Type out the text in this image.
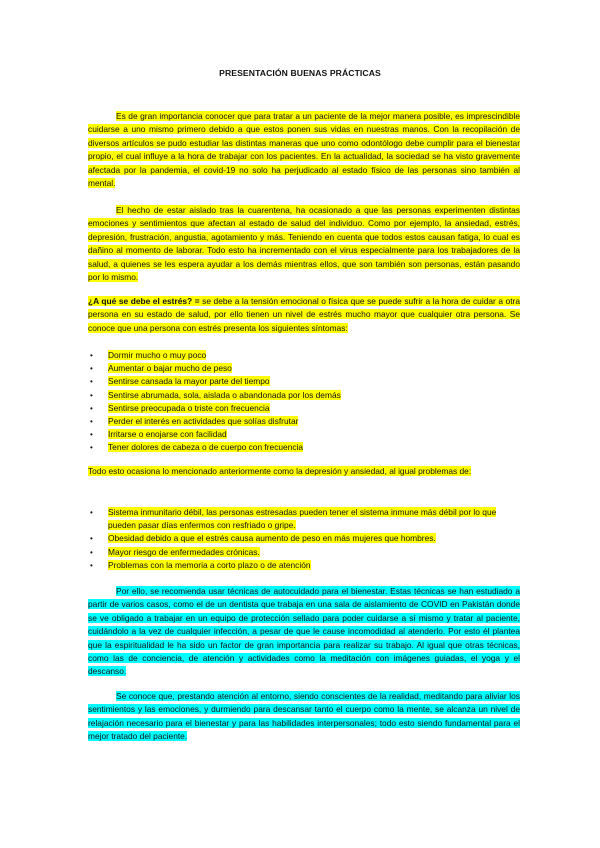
PRESENTACIÓN BUENAS PRÁCTICAS
Es de gran importancia conocer que para tratar a un paciente de la mejor manera posible, es imprescindible cuidarse a uno mismo primero debido a que estos ponen sus vidas en nuestras manos. Con la recopilación de diversos artículos se pudo estudiar las distintas maneras que uno como odontólogo debe cumplir para el bienestar propio, el cual influye a la hora de trabajar con los pacientes. En la actualidad, la sociedad se ha visto gravemente afectada por la pandemia, el covid-19 no solo ha perjudicado al estado físico de las personas sino también al mental.
El hecho de estar aislado tras la cuarentena, ha ocasionado a que las personas experimenten distintas emociones y sentimientos que afectan al estado de salud del individuo. Como por ejemplo, la ansiedad, estrés, depresión, frustración, angustia, agotamiento y más. Teniendo en cuenta que todos estos causan fatiga, lo cual es dañino al momento de laborar. Todo esto ha incrementado con el virus especialmente para los trabajadores de la salud, a quienes se les espera ayudar a los demás mientras ellos, que son también son personas, están pasando por lo mismo.
¿A qué se debe el estrés? = se debe a la tensión emocional o física que se puede sufrir a la hora de cuidar a otra persona en su estado de salud, por ello tienen un nivel de estrés mucho mayor que cualquier otra persona. Se conoce que una persona con estrés presenta los siguientes síntomas:
• Dormir mucho o muy poco
• Aumentar o bajar mucho de peso
• Sentirse cansada la mayor parte del tiempo
• Sentirse abrumada, sola, aislada o abandonada por los demás
• Sentirse preocupada o triste con frecuencia
• Perder el interés en actividades que solías disfrutar
• Irritarse o enojarse con facilidad
• Tener dolores de cabeza o de cuerpo con frecuencia
Todo esto ocasiona lo mencionado anteriormente como la depresión y ansiedad, al igual problemas de:
• Sistema inmunitario débil, las personas estresadas pueden tener el sistema inmune más débil por lo que pueden pasar días enfermos con resfriado o gripe.
• Obesidad debido a que el estrés causa aumento de peso en más mujeres que hombres.
• Mayor riesgo de enfermedades crónicas.
• Problemas con la memoria a corto plazo o de atención
Por ello, se recomienda usar técnicas de autocuidado para el bienestar. Estas técnicas se han estudiado a partir de varios casos, como el de un dentista que trabaja en una sala de aislamiento de COVID en Pakistán donde se ve obligado a trabajar en un equipo de protección sellado para poder cuidarse a sí mismo y tratar al paciente, cuidándolo a la vez de cualquier infección, a pesar de que le cause incomodidad al atenderlo. Por esto él plantea que la espiritualidad le ha sido un factor de gran importancia para realizar su trabajo. Al igual que otras técnicas, como las de conciencia, de atención y actividades como la meditación con imágenes guiadas, el yoga y el descanso.
Se conoce que, prestando atención al entorno, siendo conscientes de la realidad, meditando para aliviar los sentimientos y las emociones, y durmiendo para descansar tanto el cuerpo como la mente, se alcanza un nivel de relajación necesario para el bienestar y para las habilidades interpersonales; todo esto siendo fundamental para el mejor tratado del paciente.
